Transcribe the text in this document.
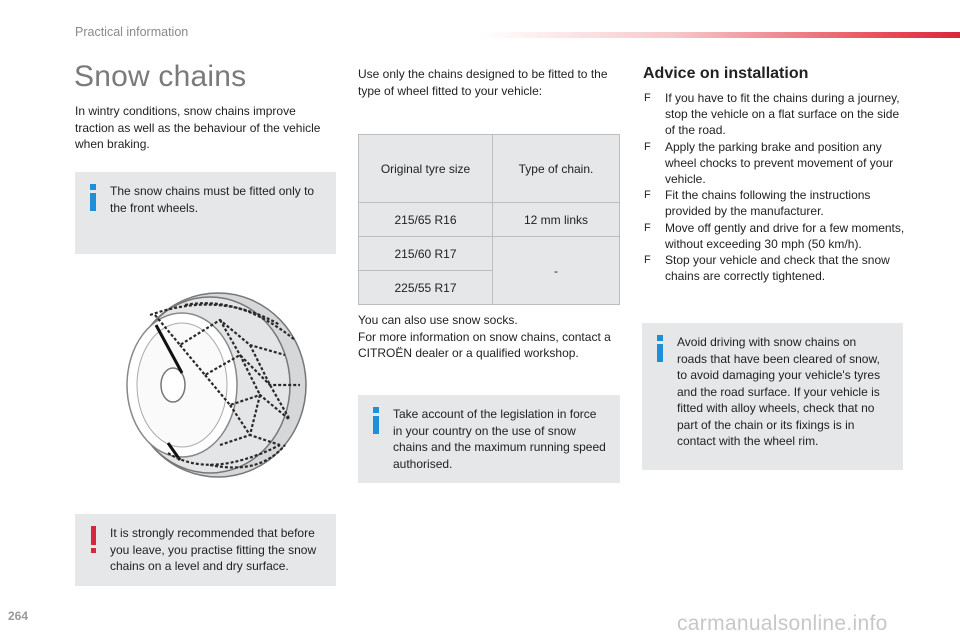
Practical information
Snow chains
In wintry conditions, snow chains improve traction as well as the behaviour of the vehicle when braking.
The snow chains must be fitted only to the front wheels.
It is strongly recommended that before you leave, you practise fitting the snow chains on a level and dry surface.
Use only the chains designed to be fitted to the type of wheel fitted to your vehicle:
Original tyre size	Type of chain.
215/65 R16	12 mm links
215/60 R17	-
225/55 R17	
You can also use snow socks.
For more information on snow chains, contact a CITROËN dealer or a qualified workshop.
Take account of the legislation in force in your country on the use of snow chains and the maximum running speed authorised.
Advice on installation
F If you have to fit the chains during a journey, stop the vehicle on a flat surface on the side of the road.
F Apply the parking brake and position any wheel chocks to prevent movement of your vehicle.
F Fit the chains following the instructions provided by the manufacturer.
F Move off gently and drive for a few moments, without exceeding 30 mph (50 km/h).
F Stop your vehicle and check that the snow chains are correctly tightened.
Avoid driving with snow chains on roads that have been cleared of snow, to avoid damaging your vehicle's tyres and the road surface. If your vehicle is fitted with alloy wheels, check that no part of the chain or its fixings is in contact with the wheel rim.
264	carmanualsonline.info
